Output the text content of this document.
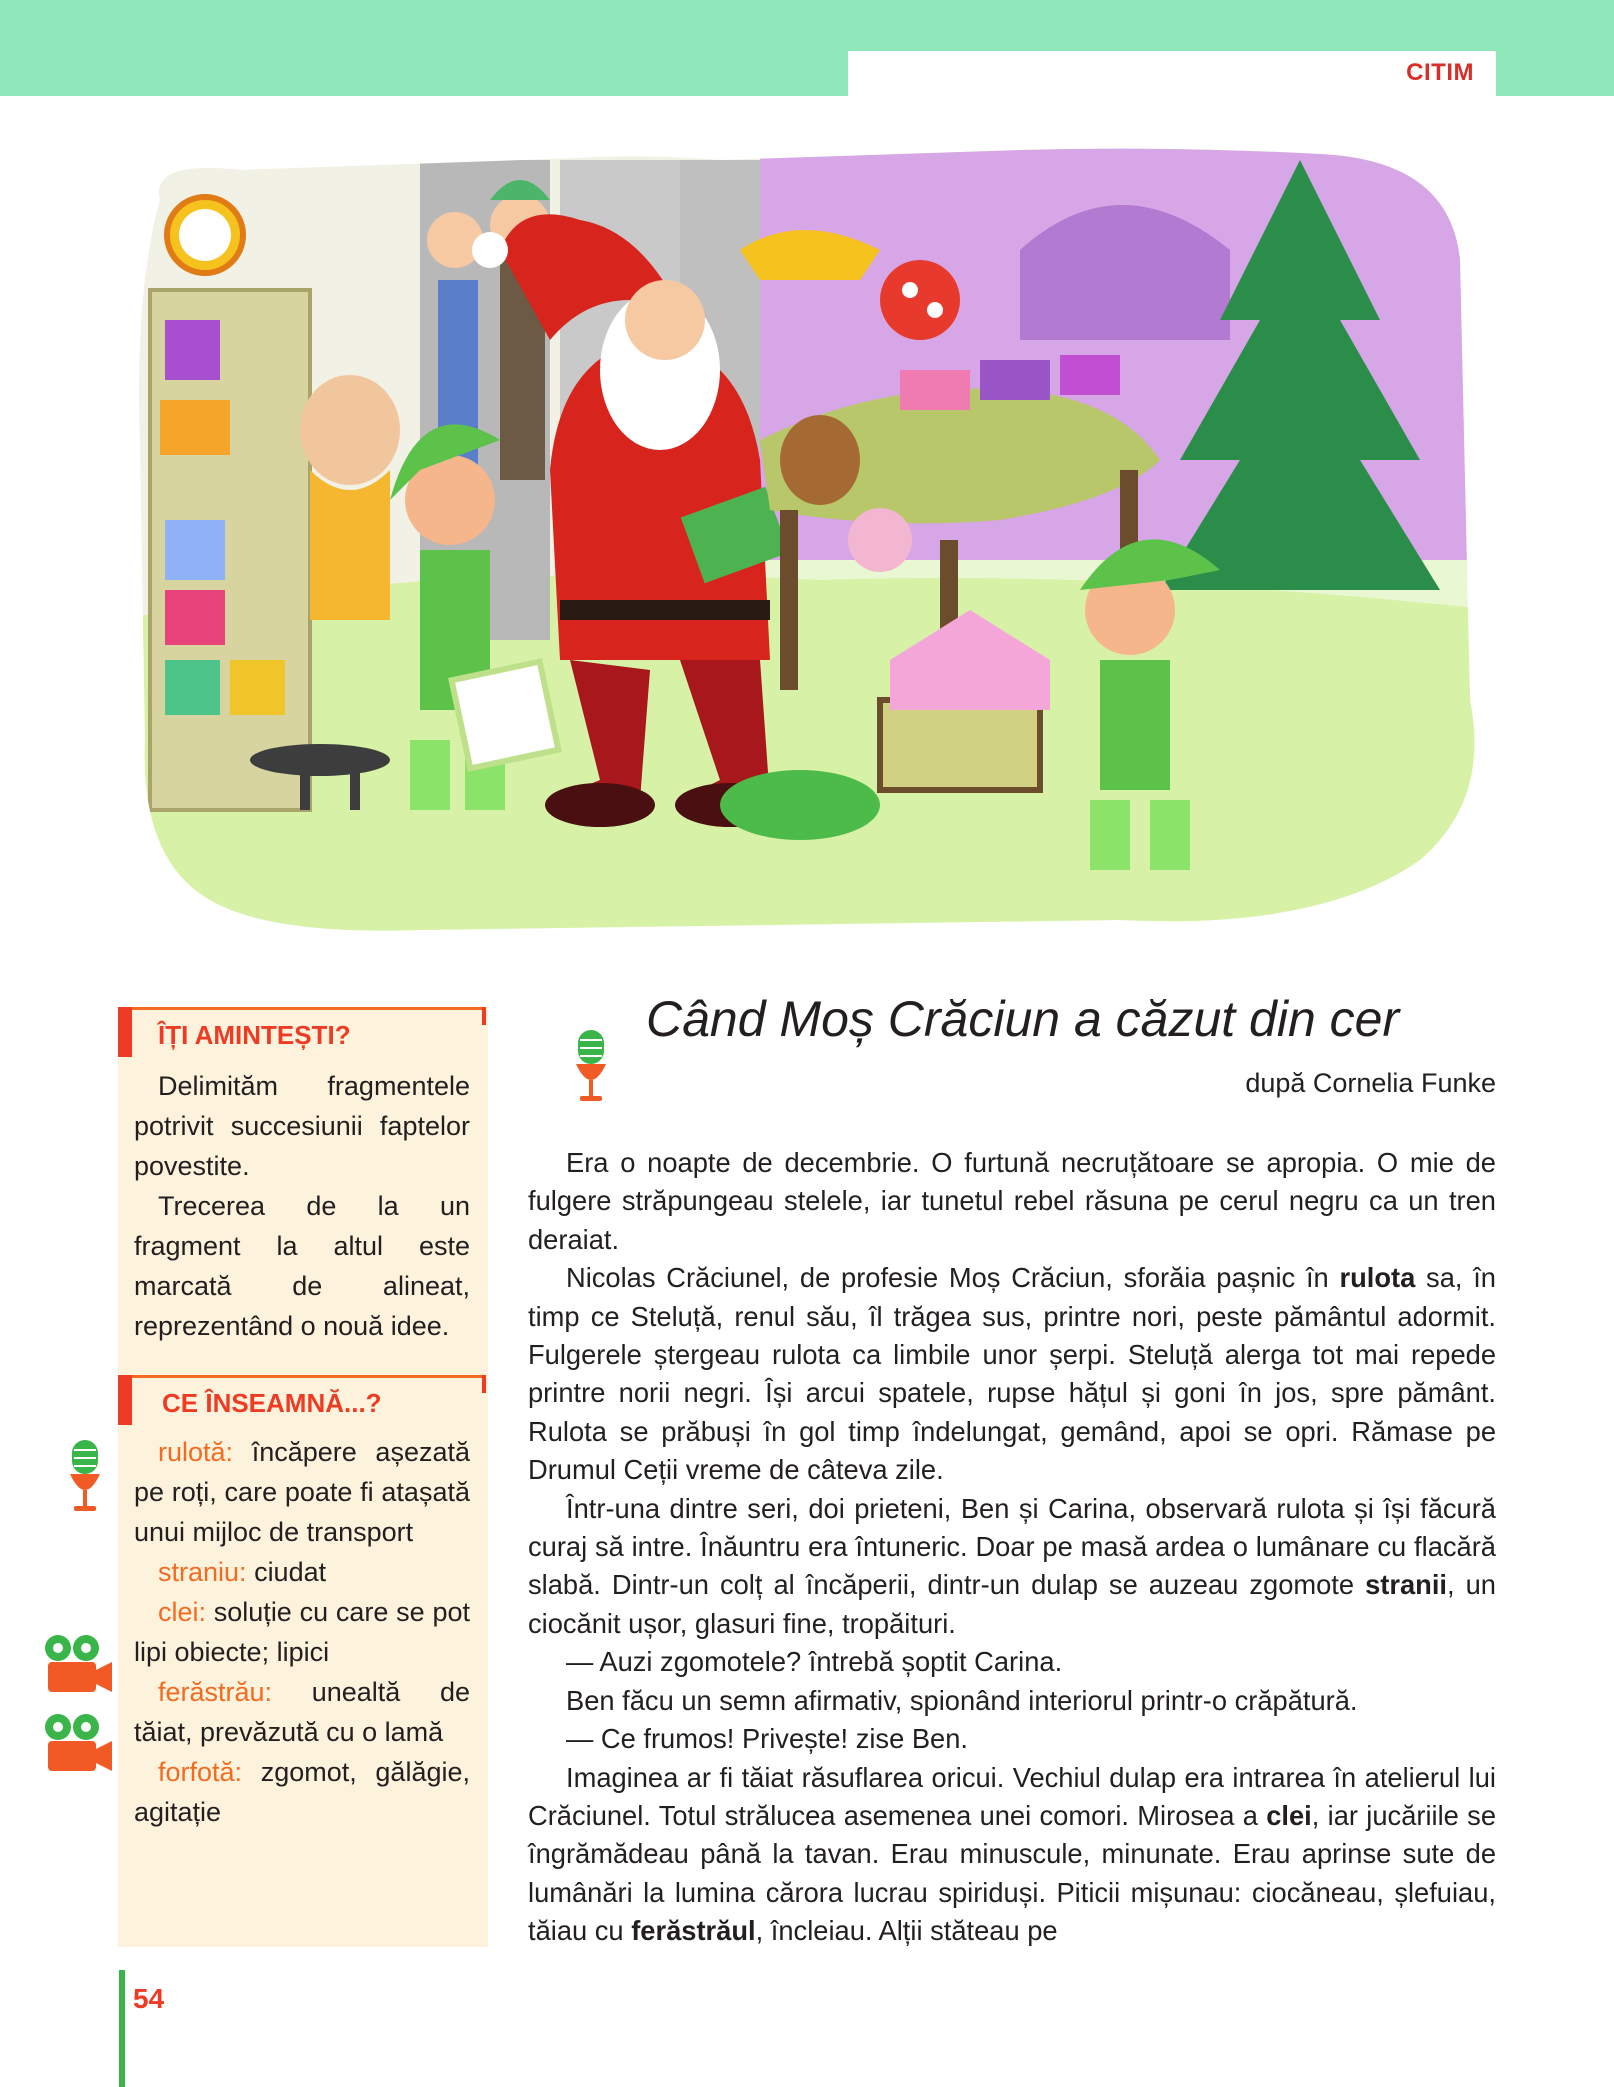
CITIM
ÎȚI AMINTEȘTI?

Delimităm fragmentele potrivit succesiunii faptelor povestite.

Trecerea de la un fragment la altul este marcată de alineat, reprezentând o nouă idee.

CE ÎNSEAMNĂ...?

rulotă: încăpere așezată pe roți, care poate fi atașată unui mijloc de transport

straniu: ciudat

clei: soluție cu care se pot lipi obiecte; lipici

ferăstrău: unealtă de tăiat, prevăzută cu o lamă

forfotă: zgomot, gălăgie, agitație

Când Moș Crăciun a căzut din cer
după Cornelia Funke

Era o noapte de decembrie. O furtună necruțătoare se apropia. O mie de fulgere străpungeau stelele, iar tunetul rebel răsuna pe cerul negru ca un tren deraiat.

Nicolas Crăciunel, de profesie Moș Crăciun, sforăia pașnic în rulota sa, în timp ce Steluță, renul său, îl trăgea sus, printre nori, peste pământul adormit. Fulgerele ștergeau rulota ca limbile unor șerpi. Steluță alerga tot mai repede printre norii negri. Își arcui spatele, rupse hățul și goni în jos, spre pământ. Rulota se prăbuși în gol timp îndelungat, gemând, apoi se opri. Rămase pe Drumul Ceții vreme de câteva zile.

Într-una dintre seri, doi prieteni, Ben și Carina, observară rulota și își făcură curaj să intre. Înăuntru era întuneric. Doar pe masă ardea o lumânare cu flacără slabă. Dintr-un colț al încăperii, dintr-un dulap se auzeau zgomote stranii, un ciocănit ușor, glasuri fine, tropăituri.

— Auzi zgomotele? întrebă șoptit Carina.

Ben făcu un semn afirmativ, spionând interiorul printr-o crăpătură.

— Ce frumos! Privește! zise Ben.

Imaginea ar fi tăiat răsuflarea oricui. Vechiul dulap era intrarea în atelierul lui Crăciunel. Totul strălucea asemenea unei comori. Mirosea a clei, iar jucăriile se îngrămădeau până la tavan. Erau minuscule, minunate. Erau aprinse sute de lumânări la lumina cărora lucrau spiriduși. Piticii mișunau: ciocăneau, șlefuiau, tăiau cu ferăstrăul, încleiau. Alții stăteau pe

54
